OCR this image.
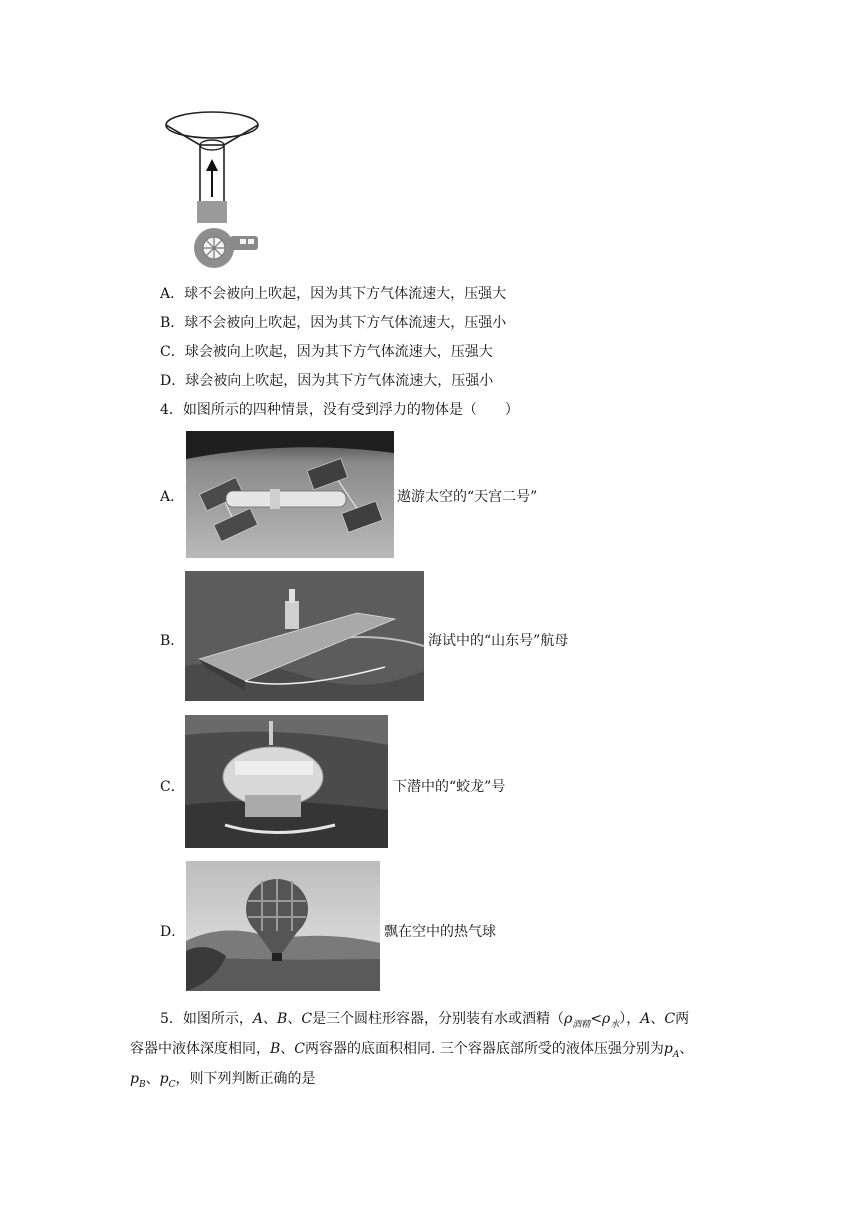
A．球不会被向上吹起，因为其下方气体流速大，压强大
B．球不会被向上吹起，因为其下方气体流速大，压强小
C．球会被向上吹起，因为其下方气体流速大，压强大
D．球会被向上吹起，因为其下方气体流速大，压强小
4．如图所示的四种情景，没有受到浮力的物体是（　　）
A．	遨游太空的“天宫二号”
B．	海试中的“山东号”航母
C．	下潜中的“蛟龙”号
D．	飘在空中的热气球
5．如图所示，A、B、C是三个圆柱形容器，分别装有水或酒精$(\rho_{酒精}<\rho_水)$，A、C两
容器中液体深度相同，B、C两容器的底面积相同. 三个容器底部所受的液体压强分别为$p_A$、
$p_B$、$p_C$，则下列判断正确的是
